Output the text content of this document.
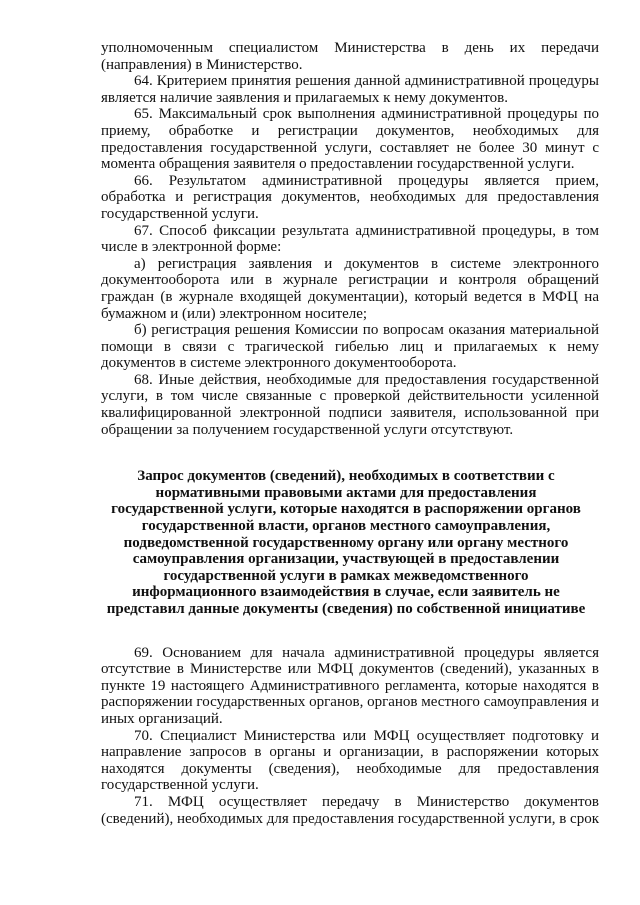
уполномоченным специалистом Министерства в день их передачи (направления) в Министерство.

64. Критерием принятия решения данной административной процедуры является наличие заявления и прилагаемых к нему документов.

65. Максимальный срок выполнения административной процедуры по приему, обработке и регистрации документов, необходимых для предоставления государственной услуги, составляет не более 30 минут с момента обращения заявителя о предоставлении государственной услуги.

66. Результатом административной процедуры является прием, обработка и регистрация документов, необходимых для предоставления государственной услуги.

67. Способ фиксации результата административной процедуры, в том числе в электронной форме:

а) регистрация заявления и документов в системе электронного документооборота или в журнале регистрации и контроля обращений граждан (в журнале входящей документации), который ведется в МФЦ на бумажном и (или) электронном носителе;

б) регистрация решения Комиссии по вопросам оказания материальной помощи в связи с трагической гибелью лиц и прилагаемых к нему документов в системе электронного документооборота.

68. Иные действия, необходимые для предоставления государственной услуги, в том числе связанные с проверкой действительности усиленной квалифицированной электронной подписи заявителя, использованной при обращении за получением государственной услуги отсутствуют.

Запрос документов (сведений), необходимых в соответствии с нормативными правовыми актами для предоставления государственной услуги, которые находятся в распоряжении органов государственной власти, органов местного самоуправления, подведомственной государственному органу или органу местного самоуправления организации, участвующей в предоставлении государственной услуги в рамках межведомственного информационного взаимодействия в случае, если заявитель не представил данные документы (сведения) по собственной инициативе

69. Основанием для начала административной процедуры является отсутствие в Министерстве или МФЦ документов (сведений), указанных в пункте 19 настоящего Административного регламента, которые находятся в распоряжении государственных органов, органов местного самоуправления и иных организаций.

70. Специалист Министерства или МФЦ осуществляет подготовку и направление запросов в органы и организации, в распоряжении которых находятся документы (сведения), необходимые для предоставления государственной услуги.

71. МФЦ осуществляет передачу в Министерство документов (сведений), необходимых для предоставления государственной услуги, в срок
